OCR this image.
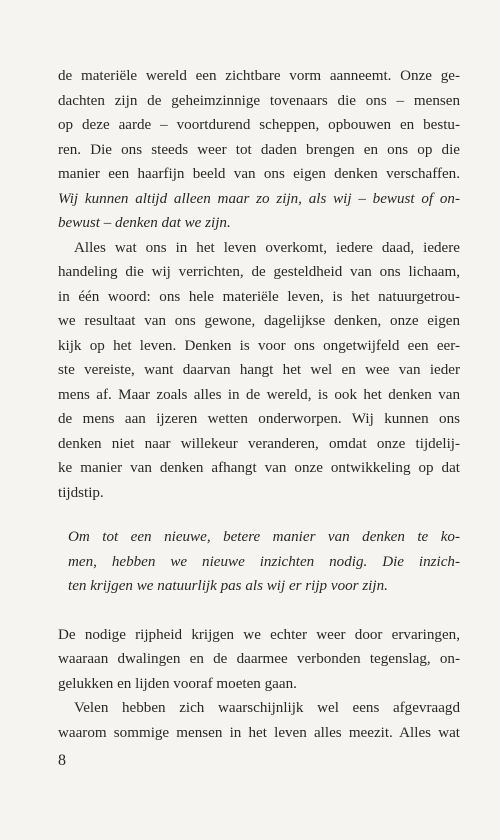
de materiële wereld een zichtbare vorm aanneemt. Onze ge-
dachten zijn de geheimzinnige tovenaars die ons – mensen
op deze aarde – voortdurend scheppen, opbouwen en bestu-
ren. Die ons steeds weer tot daden brengen en ons op die
manier een haarfijn beeld van ons eigen denken verschaffen.
Wij kunnen altijd alleen maar zo zijn, als wij – bewust of on-
bewust – denken dat we zijn.

Alles wat ons in het leven overkomt, iedere daad, iedere
handeling die wij verrichten, de gesteldheid van ons lichaam,
in één woord: ons hele materiële leven, is het natuurgetrou-
we resultaat van ons gewone, dagelijkse denken, onze eigen
kijk op het leven. Denken is voor ons ongetwijfeld een eer-
ste vereiste, want daarvan hangt het wel en wee van ieder
mens af. Maar zoals alles in de wereld, is ook het denken van
de mens aan ijzeren wetten onderworpen. Wij kunnen ons
denken niet naar willekeur veranderen, omdat onze tijdelij-
ke manier van denken afhangt van onze ontwikkeling op dat
tijdstip.

Om tot een nieuwe, betere manier van denken te ko-
men, hebben we nieuwe inzichten nodig. Die inzich-
ten krijgen we natuurlijk pas als wij er rijp voor zijn.

De nodige rijpheid krijgen we echter weer door ervaringen,
waaraan dwalingen en de daarmee verbonden tegenslag, on-
gelukken en lijden vooraf moeten gaan.

Velen hebben zich waarschijnlijk wel eens afgevraagd
waarom sommige mensen in het leven alles meezit. Alles wat

8
